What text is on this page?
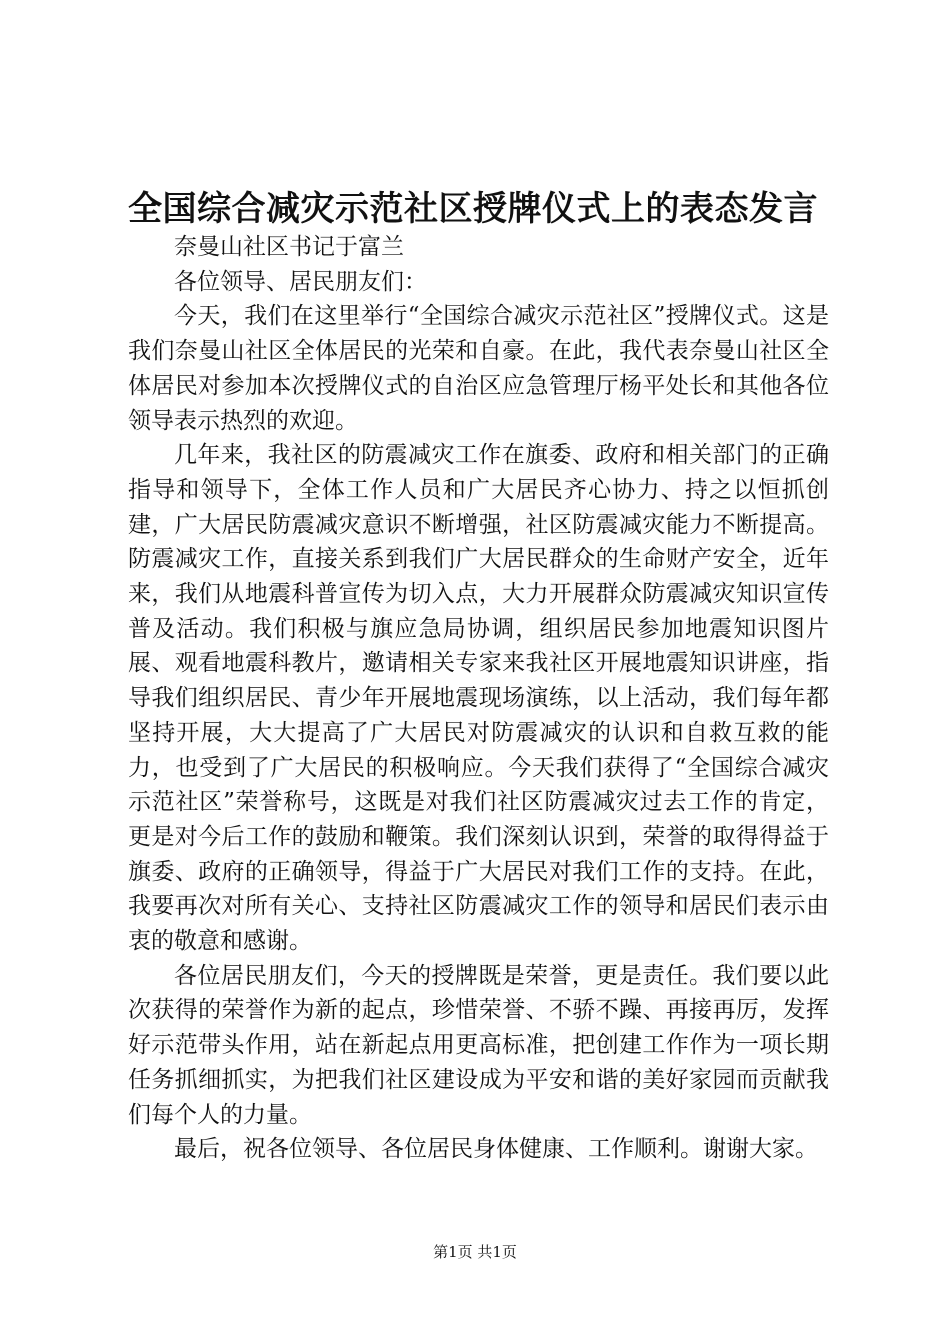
全国综合减灾示范社区授牌仪式上的表态发言

奈曼山社区书记于富兰

各位领导、居民朋友们：

今天，我们在这里举行“全国综合减灾示范社区”授牌仪式。这是我们奈曼山社区全体居民的光荣和自豪。在此，我代表奈曼山社区全体居民对参加本次授牌仪式的自治区应急管理厅杨平处长和其他各位领导表示热烈的欢迎。

几年来，我社区的防震减灾工作在旗委、政府和相关部门的正确指导和领导下，全体工作人员和广大居民齐心协力、持之以恒抓创建，广大居民防震减灾意识不断增强，社区防震减灾能力不断提高。防震减灾工作，直接关系到我们广大居民群众的生命财产安全，近年来，我们从地震科普宣传为切入点，大力开展群众防震减灾知识宣传普及活动。我们积极与旗应急局协调，组织居民参加地震知识图片展、观看地震科教片，邀请相关专家来我社区开展地震知识讲座，指导我们组织居民、青少年开展地震现场演练，以上活动，我们每年都坚持开展，大大提高了广大居民对防震减灾的认识和自救互救的能力，也受到了广大居民的积极响应。今天我们获得了“全国综合减灾示范社区”荣誉称号，这既是对我们社区防震减灾过去工作的肯定，更是对今后工作的鼓励和鞭策。我们深刻认识到，荣誉的取得得益于旗委、政府的正确领导，得益于广大居民对我们工作的支持。在此，我要再次对所有关心、支持社区防震减灾工作的领导和居民们表示由衷的敬意和感谢。

各位居民朋友们，今天的授牌既是荣誉，更是责任。我们要以此次获得的荣誉作为新的起点，珍惜荣誉、不骄不躁、再接再厉，发挥好示范带头作用，站在新起点用更高标准，把创建工作作为一项长期任务抓细抓实，为把我们社区建设成为平安和谐的美好家园而贡献我们每个人的力量。

最后，祝各位领导、各位居民身体健康、工作顺利。谢谢大家。

第1页 共1页
